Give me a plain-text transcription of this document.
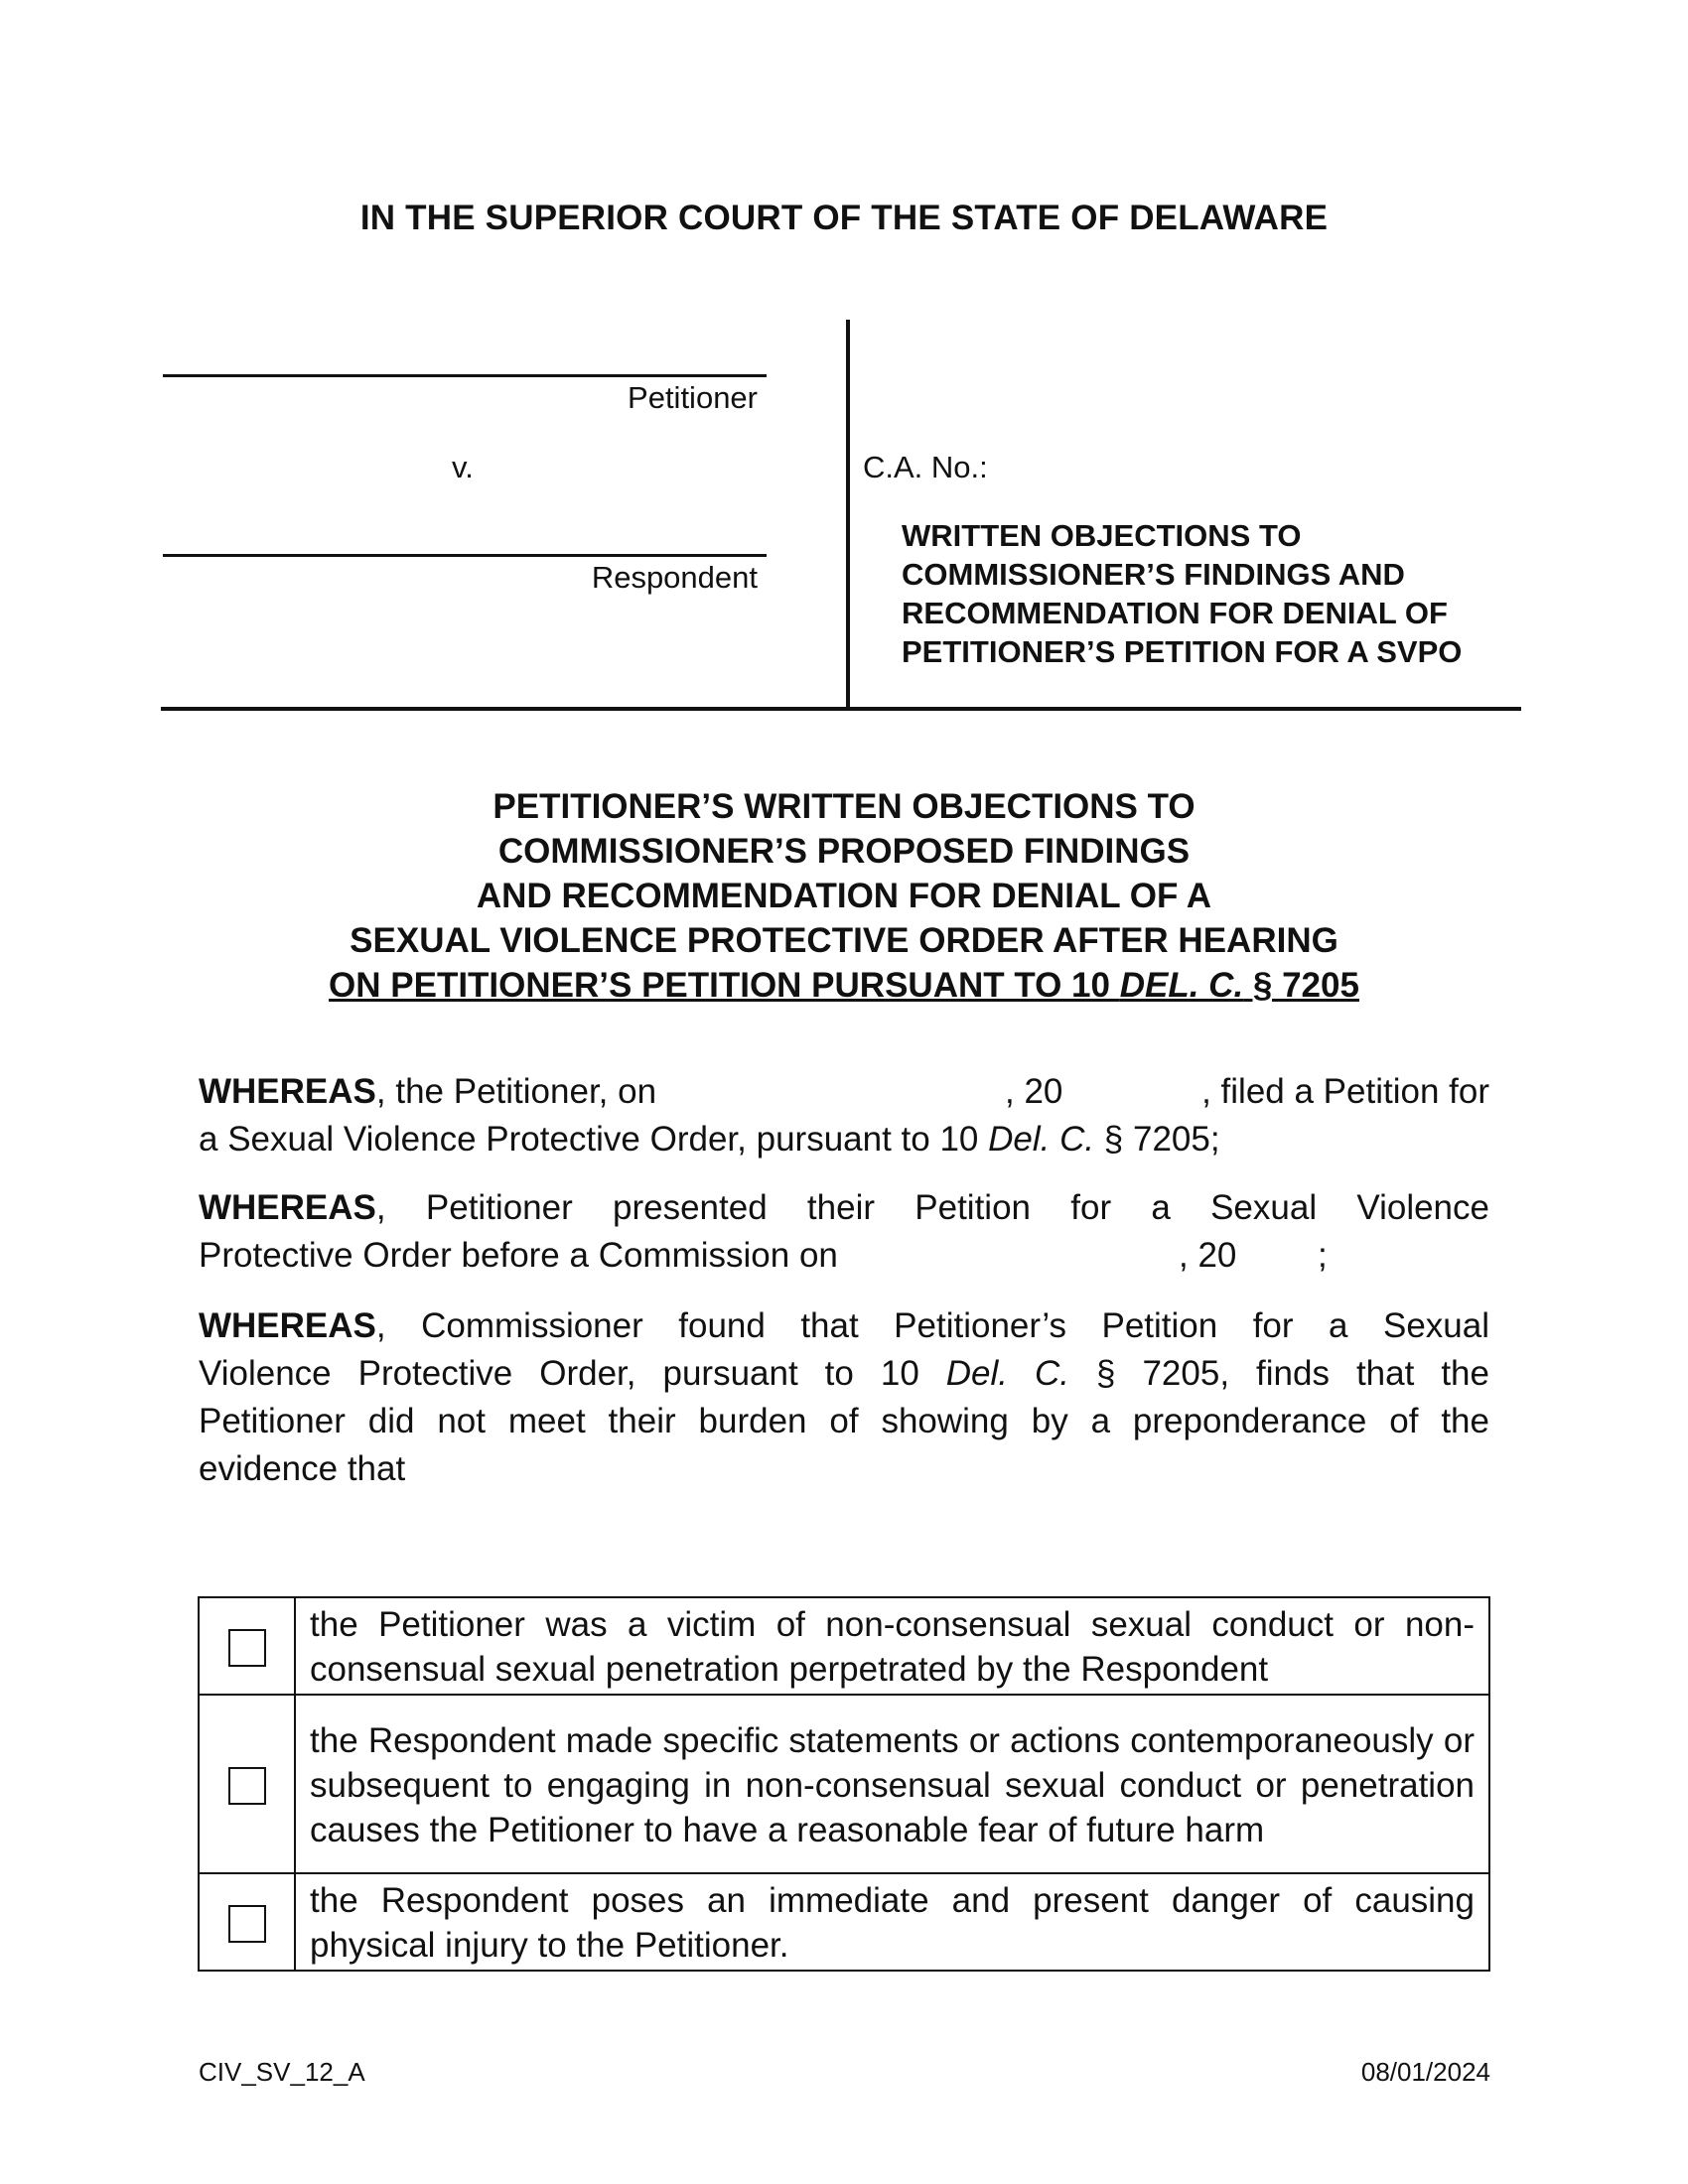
IN THE SUPERIOR COURT OF THE STATE OF DELAWARE
Petitioner
v.
Respondent
C.A. No.:
WRITTEN OBJECTIONS TO
COMMISSIONER’S FINDINGS AND
RECOMMENDATION FOR DENIAL OF
PETITIONER’S PETITION FOR A SVPO
PETITIONER’S WRITTEN OBJECTIONS TO
COMMISSIONER’S PROPOSED FINDINGS
AND RECOMMENDATION FOR DENIAL OF A
SEXUAL VIOLENCE PROTECTIVE ORDER AFTER HEARING
ON PETITIONER’S PETITION PURSUANT TO 10 DEL. C. § 7205
WHEREAS, the Petitioner, on	, 20	, filed a Petition for
a Sexual Violence Protective Order, pursuant to 10 Del. C. § 7205;
WHEREAS, Petitioner presented their Petition for a Sexual Violence
Protective Order before a Commission on	, 20 ;
WHEREAS, Commissioner found that Petitioner’s Petition for a Sexual
Violence Protective Order, pursuant to 10 Del. C. § 7205, finds that the
Petitioner did not meet their burden of showing by a preponderance of the
evidence that
	the Petitioner was a victim of non-consensual sexual conduct or non-consensual sexual penetration perpetrated by the Respondent
	the Respondent made specific statements or actions contemporaneously or subsequent to engaging in non-consensual sexual conduct or penetration causes the Petitioner to have a reasonable fear of future harm
	the Respondent poses an immediate and present danger of causing physical injury to the Petitioner.
CIV_SV_12_A	08/01/2024
